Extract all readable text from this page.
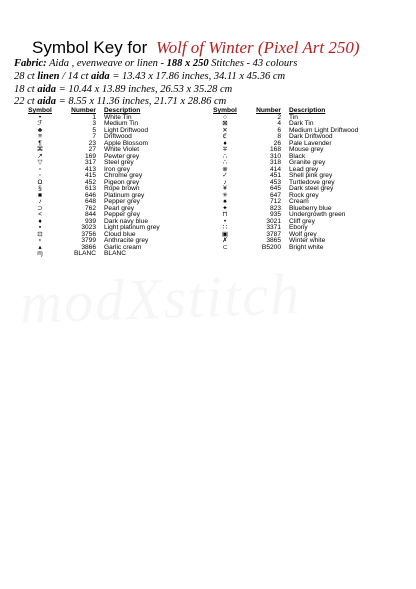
Symbol Key for Wolf of Winter (Pixel Art 250)
Fabric: Aida , evenweave or linen - 188 x 250 Stitches - 43 colours
28 ct linen / 14 ct aida = 13.43 x 17.86 inches, 34.11 x 45.36 cm
18 ct aida = 10.44 x 13.89 inches, 26.53 x 35.28 cm
22 ct aida = 8.55 x 11.36 inches, 21.71 x 28.86 cm
Symbol	Number	Description
•	1	White Tin
ℱ	3	Medium Tin
♣	5	Light Driftwood
≡	7	Driftwood
¶	23	Apple Blossom
⌘	27	White Violet
↗	169	Pewter grey
▽	317	Steel grey
▫	413	Iron grey
◦	415	Chrome grey
Ω	452	Pigeon grey
§	613	Rope brown
■	646	Platinum grey
♪	648	Pepper grey
⊃	762	Pearl grey
<	844	Pepper grey
♦	939	Dark navy blue
▪	3023	Light platinum grey
⊡	3756	Cloud blue
⋆	3799	Anthracite grey
▴	3866	Garlic cream
ɱ	BLANC	BLANC
Symbol	Number	Description
○	2	Tin
⊠	4	Dark Tin
✕	6	Medium Light Driftwood
ℭ	8	Dark Driftwood
♦	26	Pale Lavender
∓	168	Mouse grey
∴	310	Black
∴	318	Granite grey
⊗	414	Lead grey
✓	451	Shell pink grey
♪	453	Turtledove grey
¥	645	Dark steel grey
✳	647	Rock grey
♠	712	Cream
✦	823	Blueberry blue
⊓	935	Undergrowth green
•	3021	Cliff grey
∷	3371	Ebony
▣	3787	Wolf grey
✗	3865	Winter white
⊂	B5200	Bright white
